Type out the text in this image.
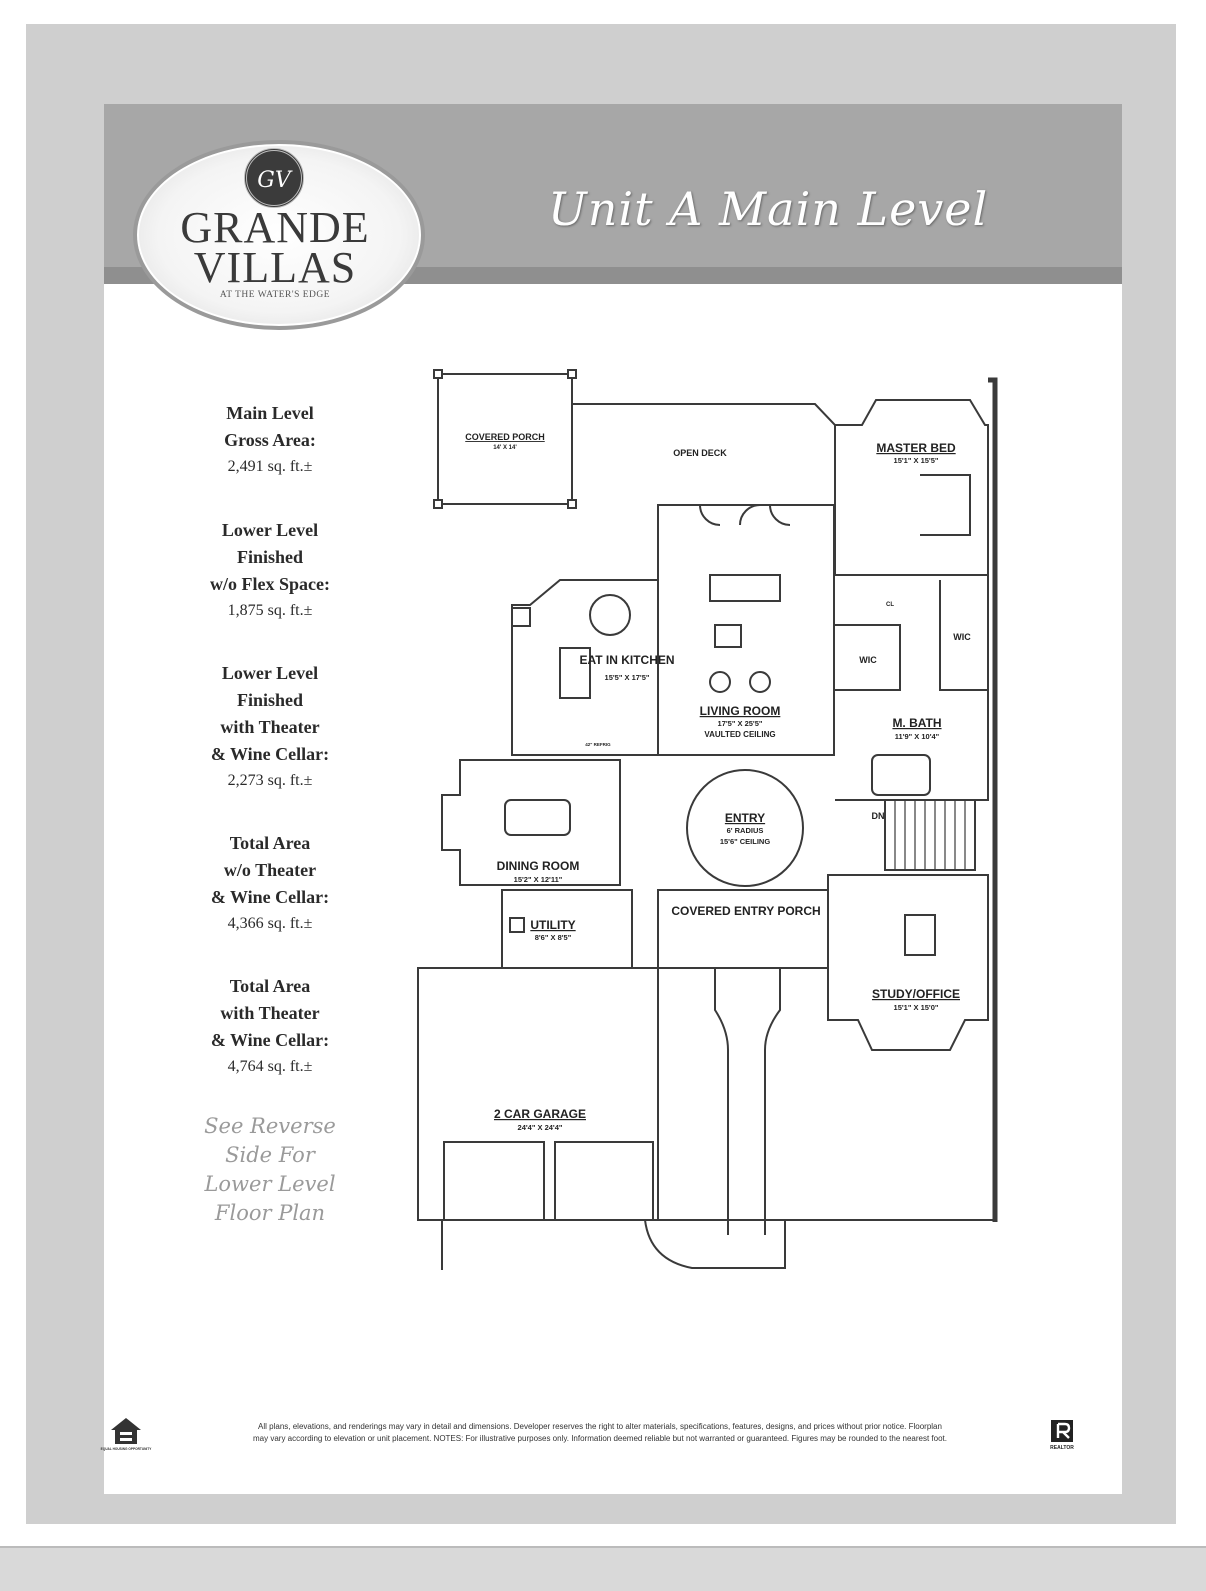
Unit A Main Level
GV
GRANDE
VILLAS
AT THE WATER'S EDGE
Main Level
Gross Area:
2,491 sq. ft.±
Lower Level
Finished
w/o Flex Space:
1,875 sq. ft.±
Lower Level
Finished
with Theater
& Wine Cellar:
2,273 sq. ft.±
Total Area
w/o Theater
& Wine Cellar:
4,366 sq. ft.±
Total Area
with Theater
& Wine Cellar:
4,764 sq. ft.±
See Reverse
Side For
Lower Level
Floor Plan
COVERED PORCH
14' X 14'	OPEN DECK	MASTER BED
15'1" X 15'5"
EAT IN KITCHEN
15'5" X 17'5"
LIVING ROOM
17'5" X 25'5"
VAULTED CEILING
M. BATH
11'9" X 10'4"
ENTRY
6' RADIUS
15'6" CEILING
DINING ROOM
15'2" X 12'11"
UTILITY
8'6" X 8'5"
COVERED ENTRY PORCH
STUDY/OFFICE
15'1" X 15'0"
2 CAR GARAGE
24'4" X 24'4"
WIC
WIC
CL
DN
42" REFRIG
EQUAL HOUSING OPPORTUNITY
All plans, elevations, and renderings may vary in detail and dimensions. Developer reserves the right to alter materials, specifications, features, designs, and prices without prior notice. Floorplan
may vary according to elevation or unit placement. NOTES: For illustrative purposes only. Information deemed reliable but not warranted or guaranteed. Figures may be rounded to the nearest foot.
REALTOR
